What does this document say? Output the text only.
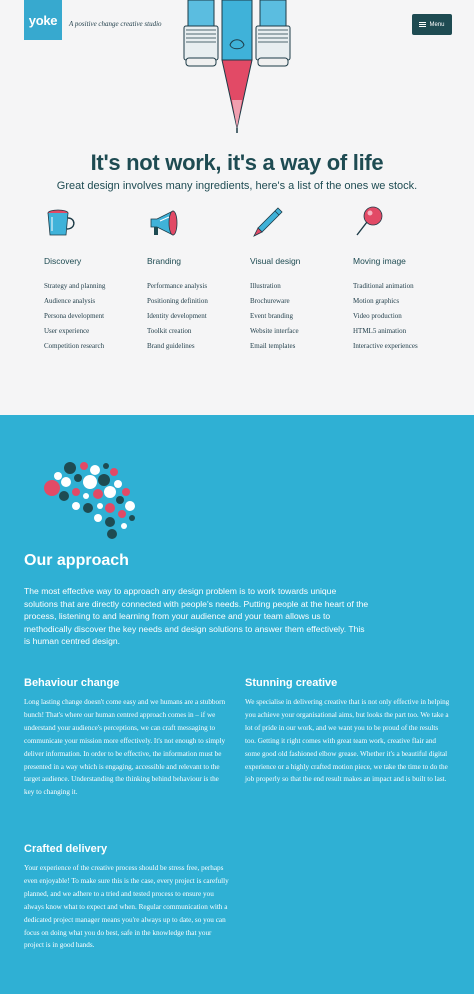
yoke	A positive change creative studio	Menu
It's not work, it's a way of life

Great design involves many ingredients, here's a list of the ones we stock.

Discovery
Strategy and planning
Audience analysis
Persona development
User experience
Competition research
Branding
Performance analysis
Positioning definition
Identity development
Toolkit creation
Brand guidelines
Visual design
Illustration
Brochureware
Event branding
Website interface
Email templates
Moving image
Traditional animation
Motion graphics
Video production
HTML5 animation
Interactive experiences
Our approach

The most effective way to approach any design problem is to work towards unique solutions that are directly connected with people's needs. Putting people at the heart of the process, listening to and learning from your audience and your team allows us to methodically discover the key needs and design solutions to answer them effectively. This is human centred design.

Behaviour change

Long lasting change doesn't come easy and we humans are a stubborn bunch! That's where our human centred approach comes in – if we understand your audience's perceptions, we can craft messaging to communicate your mission more effectively. It's not enough to simply deliver information. In order to be effective, the information must be presented in a way which is engaging, accessible and relevant to the target audience. Understanding the thinking behind behaviour is the key to changing it.

Stunning creative

We specialise in delivering creative that is not only effective in helping you achieve your organisational aims, but looks the part too. We take a lot of pride in our work, and we want you to be proud of the results too. Getting it right comes with great team work, creative flair and some good old fashioned elbow grease. Whether it's a beautiful digital experience or a highly crafted motion piece, we take the time to do the job properly so that the end result makes an impact and is built to last.

Crafted delivery

Your experience of the creative process should be stress free, perhaps even enjoyable! To make sure this is the case, every project is carefully planned, and we adhere to a tried and tested process to ensure you always know what to expect and when. Regular communication with a dedicated project manager means you're always up to date, so you can focus on doing what you do best, safe in the knowledge that your project is in good hands.
